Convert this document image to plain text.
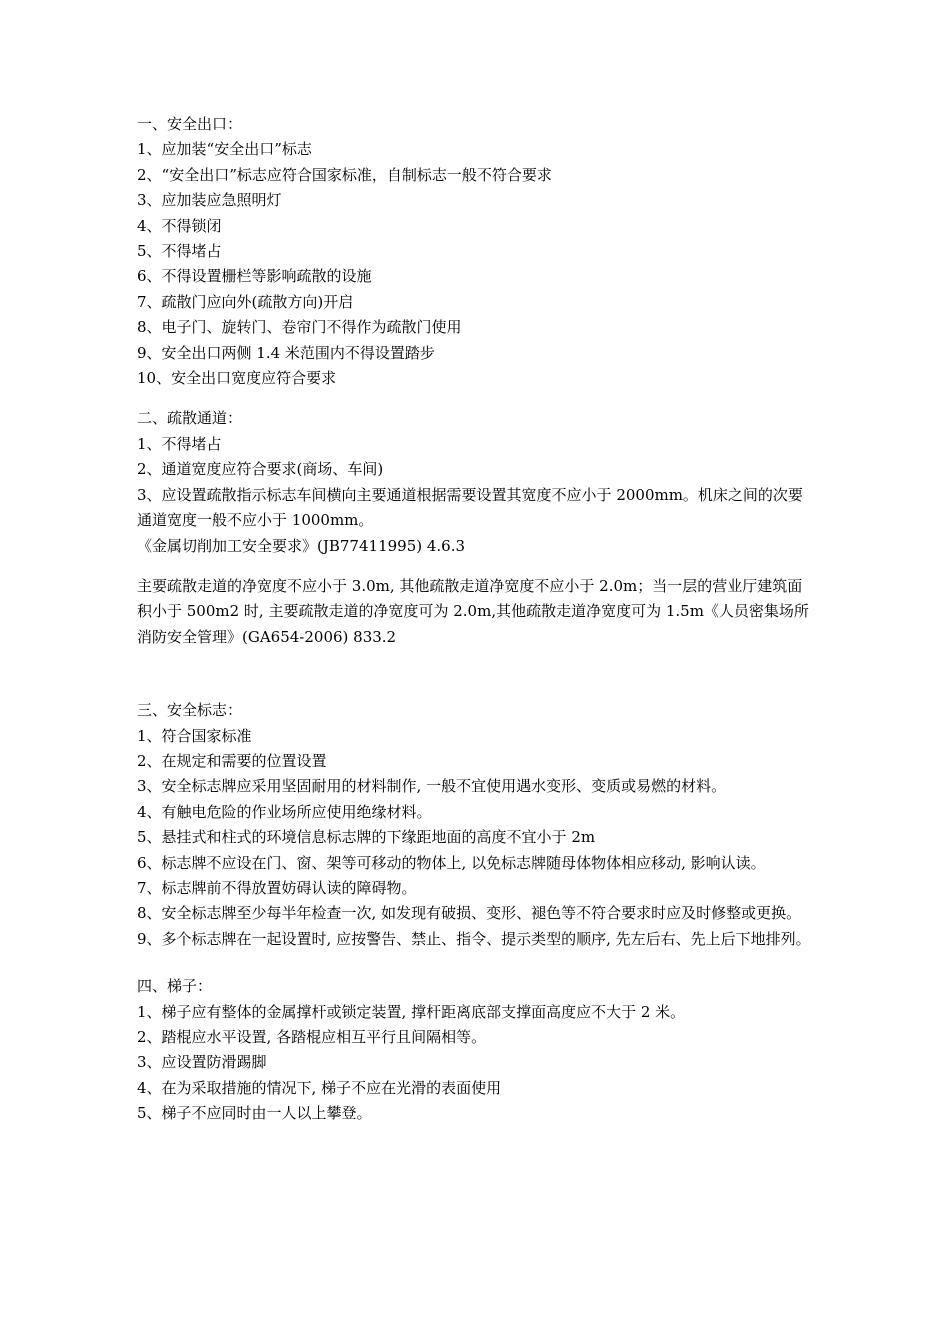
一、安全出口：
1、应加装“安全出口”标志
2、“安全出口”标志应符合国家标准，自制标志一般不符合要求
3、应加装应急照明灯
4、不得锁闭
5、不得堵占
6、不得设置栅栏等影响疏散的设施
7、疏散门应向外(疏散方向)开启
8、电子门、旋转门、卷帘门不得作为疏散门使用
9、安全出口两侧 1.4 米范围内不得设置踏步
10、安全出口宽度应符合要求
二、疏散通道：
1、不得堵占
2、通道宽度应符合要求(商场、车间)
3、应设置疏散指示标志车间横向主要通道根据需要设置其宽度不应小于 2000mm。机床之间的次要通道宽度一般不应小于 1000mm。
《金属切削加工安全要求》(JB77411995) 4.6.3
主要疏散走道的净宽度不应小于 3.0m, 其他疏散走道净宽度不应小于 2.0m；当一层的营业厅建筑面积小于 500m2 时, 主要疏散走道的净宽度可为 2.0m,其他疏散走道净宽度可为 1.5m《人员密集场所消防安全管理》(GA654-2006) 833.2
三、安全标志：
1、符合国家标准
2、在规定和需要的位置设置
3、安全标志牌应采用坚固耐用的材料制作, 一般不宜使用遇水变形、变质或易燃的材料。
4、有触电危险的作业场所应使用绝缘材料。
5、悬挂式和柱式的环境信息标志牌的下缘距地面的高度不宜小于 2m
6、标志牌不应设在门、窗、架等可移动的物体上, 以免标志牌随母体物体相应移动, 影响认读。
7、标志牌前不得放置妨碍认读的障碍物。
8、安全标志牌至少每半年检查一次, 如发现有破损、变形、褪色等不符合要求时应及时修整或更换。
9、多个标志牌在一起设置时, 应按警告、禁止、指令、提示类型的顺序, 先左后右、先上后下地排列。
四、梯子：
1、梯子应有整体的金属撑杆或锁定装置, 撑杆距离底部支撑面高度应不大于 2 米。
2、踏棍应水平设置, 各踏棍应相互平行且间隔相等。
3、应设置防滑踢脚
4、在为采取措施的情况下, 梯子不应在光滑的表面使用
5、梯子不应同时由一人以上攀登。
